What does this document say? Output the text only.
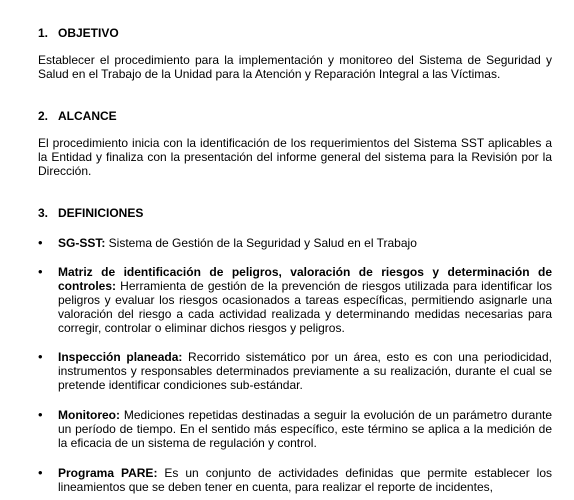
1. OBJETIVO
Establecer el procedimiento para la implementación y monitoreo del Sistema de Seguridad y Salud en el Trabajo de la Unidad para la Atención y Reparación Integral a las Víctimas.
2. ALCANCE
El procedimiento inicia con la identificación de los requerimientos del Sistema SST aplicables a la Entidad y finaliza con la presentación del informe general del sistema para la Revisión por la Dirección.
3. DEFINICIONES
•	SG-SST: Sistema de Gestión de la Seguridad y Salud en el Trabajo
•	Matriz de identificación de peligros, valoración de riesgos y determinación de controles: Herramienta de gestión de la prevención de riesgos utilizada para identificar los peligros y evaluar los riesgos ocasionados a tareas específicas, permitiendo asignarle una valoración del riesgo a cada actividad realizada y determinando medidas necesarias para corregir, controlar o eliminar dichos riesgos y peligros.
•	Inspección planeada: Recorrido sistemático por un área, esto es con una periodicidad, instrumentos y responsables determinados previamente a su realización, durante el cual se pretende identificar condiciones sub-estándar.
•	Monitoreo: Mediciones repetidas destinadas a seguir la evolución de un parámetro durante un período de tiempo. En el sentido más específico, este término se aplica a la medición de la eficacia de un sistema de regulación y control.
•	Programa PARE: Es un conjunto de actividades definidas que permite establecer los lineamientos que se deben tener en cuenta, para realizar el reporte de incidentes,
